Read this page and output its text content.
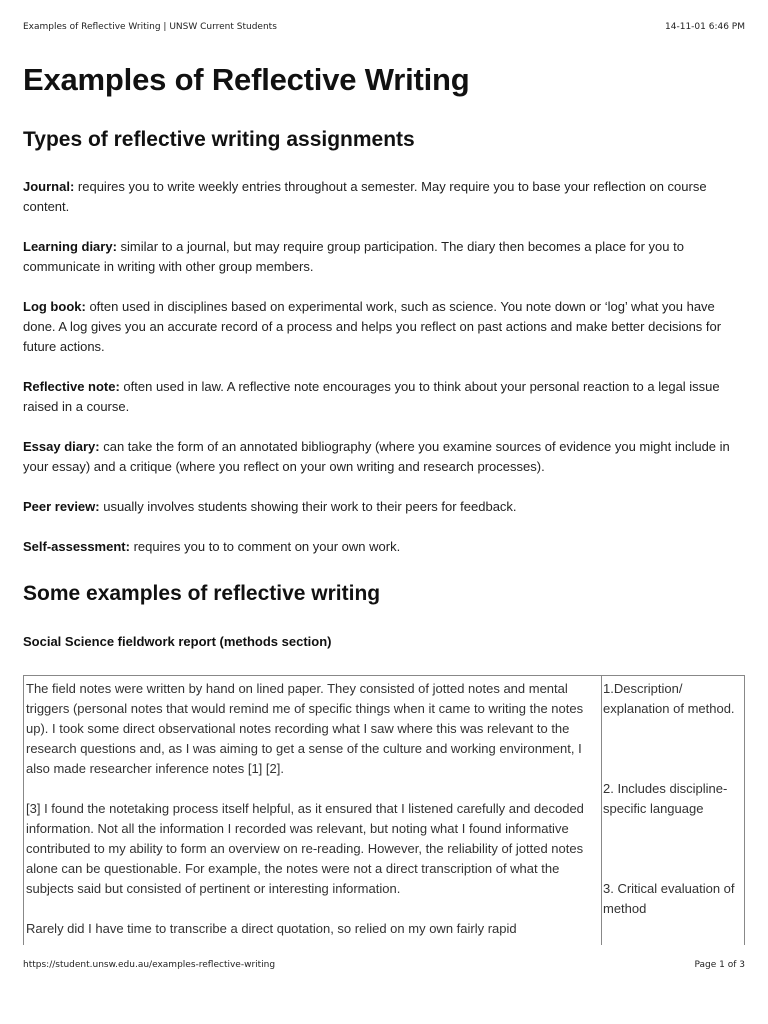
Examples of Reflective Writing | UNSW Current Students	14-11-01 6:46 PM
Examples of Reflective Writing
Types of reflective writing assignments

Journal: requires you to write weekly entries throughout a semester. May require you to base your reflection on course content.

Learning diary: similar to a journal, but may require group participation. The diary then becomes a place for you to communicate in writing with other group members.

Log book: often used in disciplines based on experimental work, such as science. You note down or ‘log’ what you have done. A log gives you an accurate record of a process and helps you reflect on past actions and make better decisions for future actions.

Reflective note: often used in law. A reflective note encourages you to think about your personal reaction to a legal issue raised in a course.

Essay diary: can take the form of an annotated bibliography (where you examine sources of evidence you might include in your essay) and a critique (where you reflect on your own writing and research processes).

Peer review: usually involves students showing their work to their peers for feedback.

Self-assessment: requires you to to comment on your own work.

Some examples of reflective writing
Social Science fieldwork report (methods section)

The field notes were written by hand on lined paper. They consisted of jotted notes and mental triggers (personal notes that would remind me of specific things when it came to writing the notes up). I took some direct observational notes recording what I saw where this was relevant to the research questions and, as I was aiming to get a sense of the culture and working environment, I also made researcher inference notes [1] [2].

[3] I found the notetaking process itself helpful, as it ensured that I listened carefully and decoded information. Not all the information I recorded was relevant, but noting what I found informative contributed to my ability to form an overview on re-reading. However, the reliability of jotted notes alone can be questionable. For example, the notes were not a direct transcription of what the subjects said but consisted of pertinent or interesting information.

Rarely did I have time to transcribe a direct quotation, so relied on my own fairly rapid

1.Description/ explanation of method.

2. Includes discipline-specific language

3. Critical evaluation of method

https://student.unsw.edu.au/examples-reflective-writing	Page 1 of 3
